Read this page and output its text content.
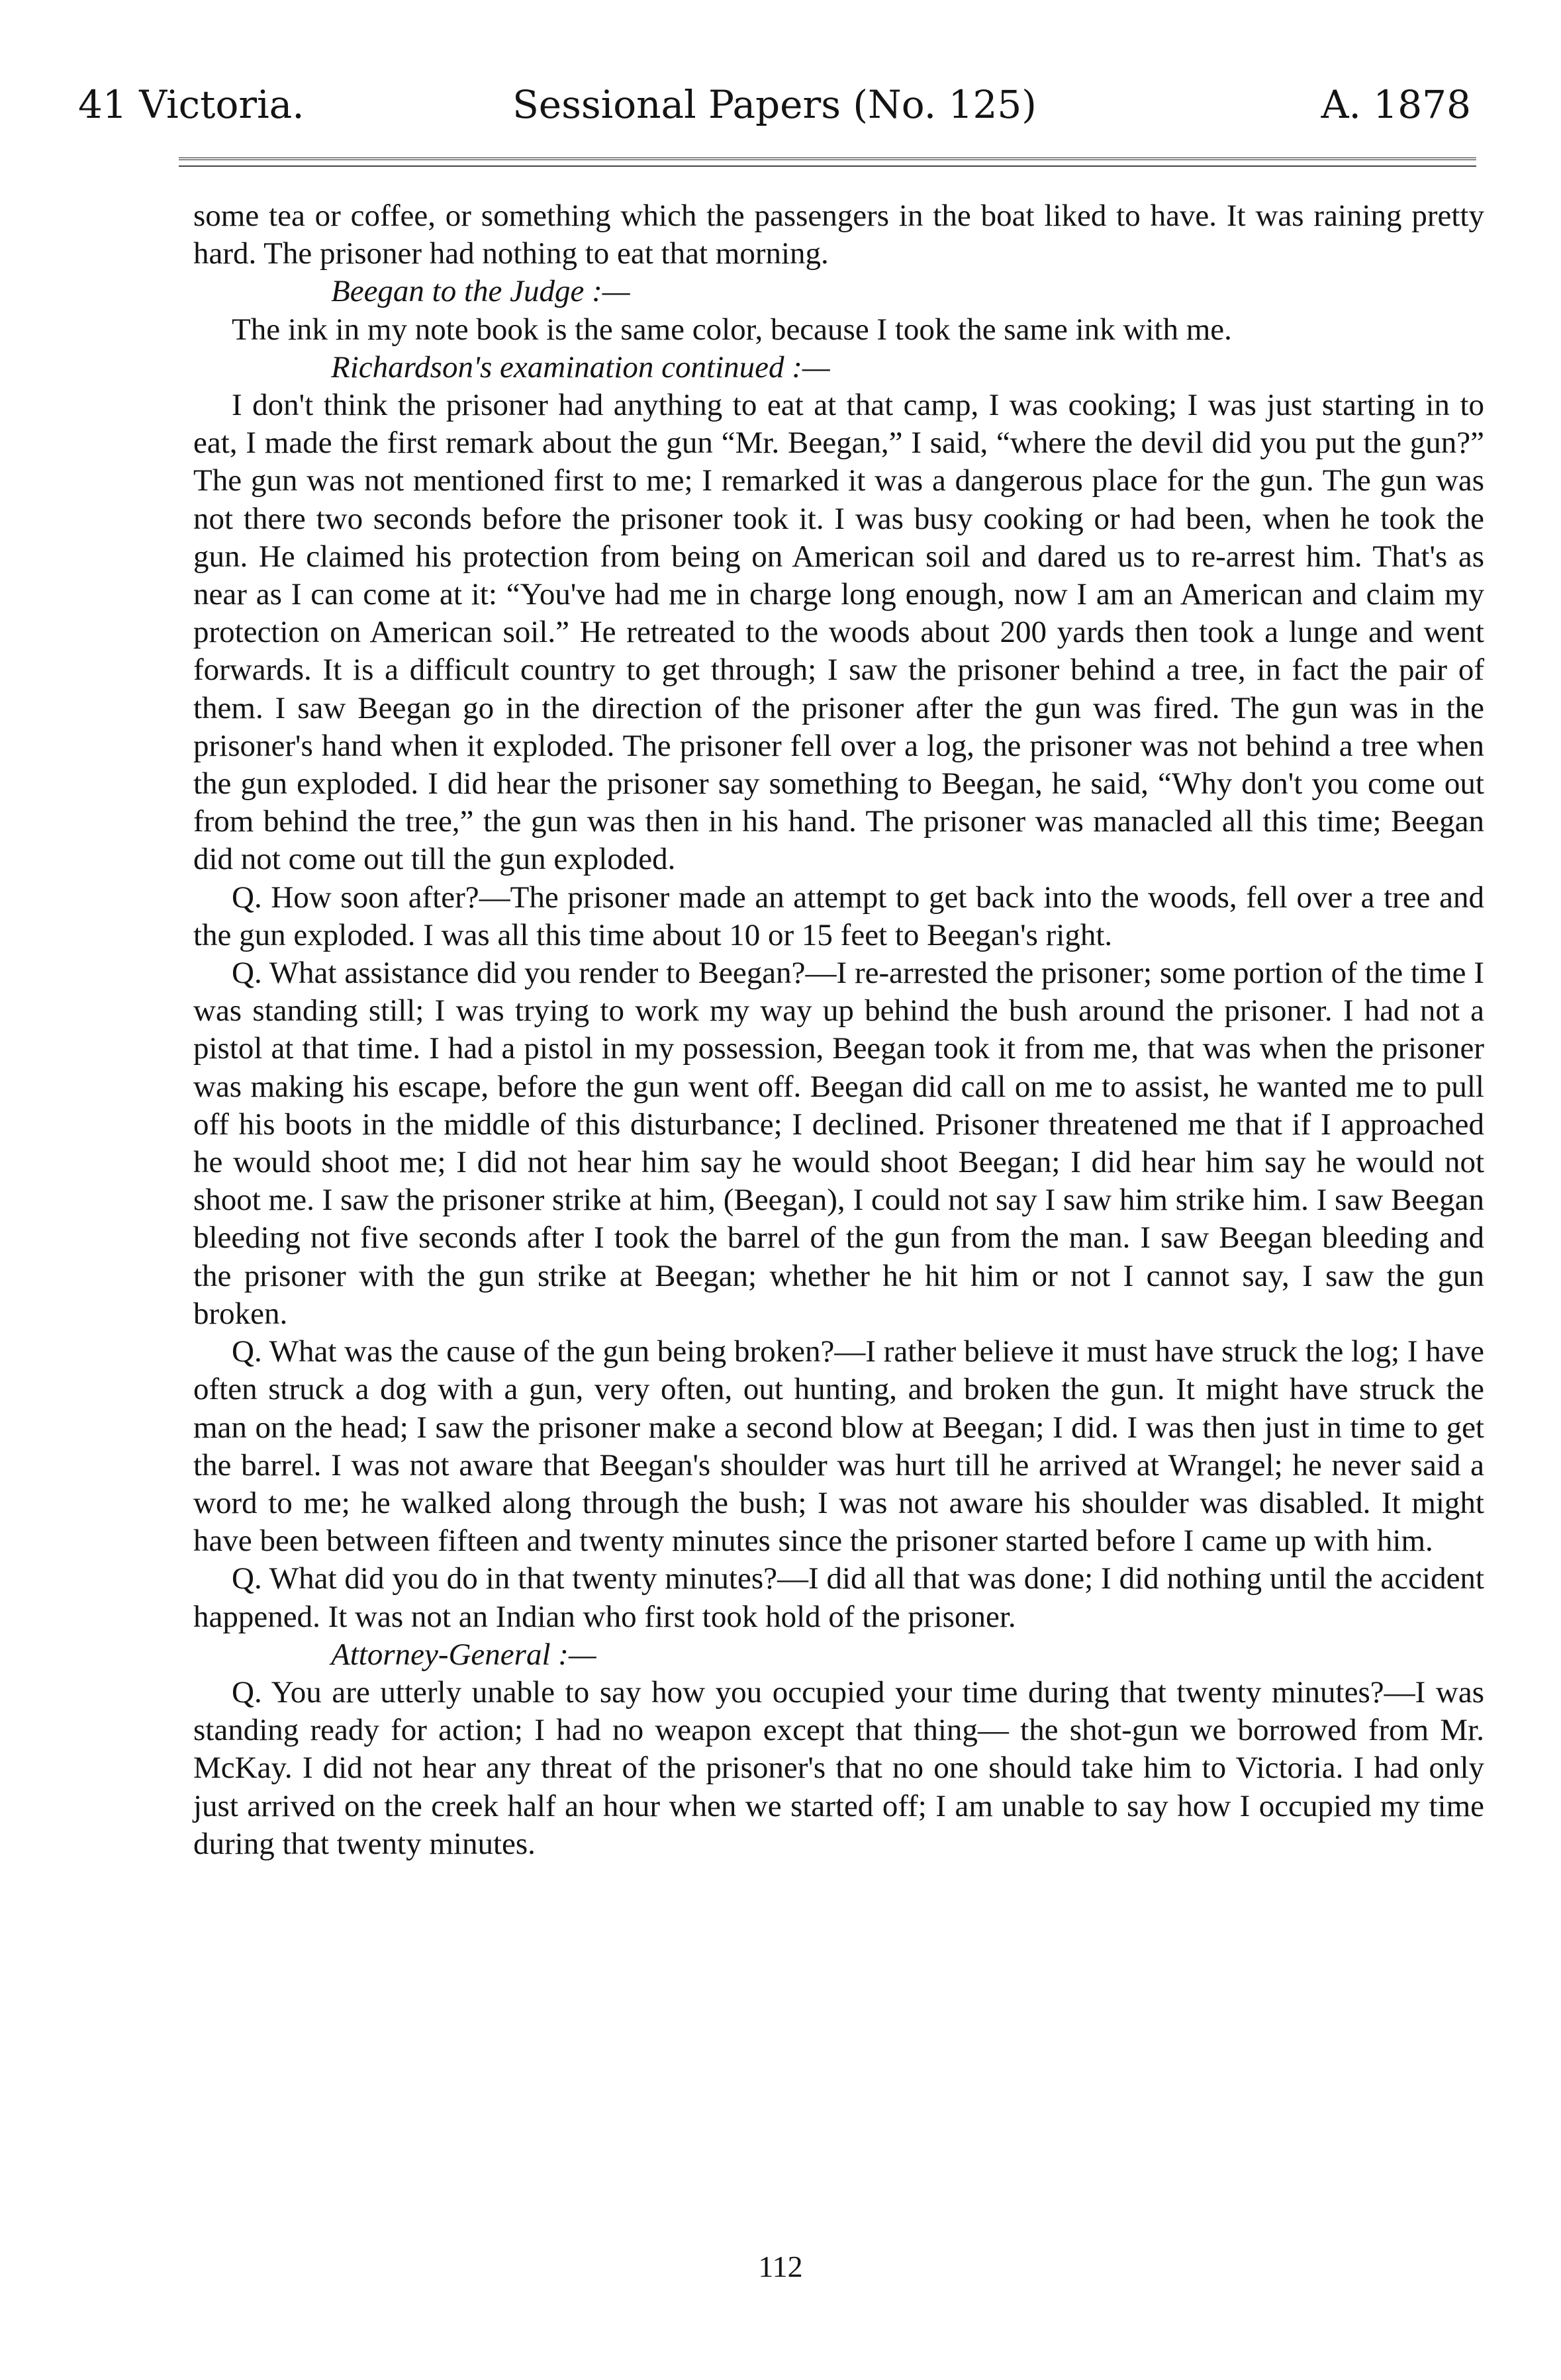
41 Victoria.	Sessional Papers (No. 125)	A. 1878

some tea or coffee, or something which the passengers in the boat liked to have. It was raining pretty hard. The prisoner had nothing to eat that morning.

Beegan to the Judge :—

The ink in my note book is the same color, because I took the same ink with me.

Richardson's examination continued :—

I don't think the prisoner had anything to eat at that camp, I was cooking; I was just starting in to eat, I made the first remark about the gun “Mr. Beegan,” I said, “where the devil did you put the gun?” The gun was not mentioned first to me; I remarked it was a dangerous place for the gun. The gun was not there two seconds before the prisoner took it. I was busy cooking or had been, when he took the gun. He claimed his protection from being on American soil and dared us to re-arrest him. That's as near as I can come at it: “You've had me in charge long enough, now I am an American and claim my protection on American soil.” He retreated to the woods about 200 yards then took a lunge and went forwards. It is a difficult country to get through; I saw the prisoner behind a tree, in fact the pair of them. I saw Beegan go in the direction of the prisoner after the gun was fired. The gun was in the prisoner's hand when it exploded. The prisoner fell over a log, the prisoner was not behind a tree when the gun exploded. I did hear the prisoner say something to Beegan, he said, “Why don't you come out from behind the tree,” the gun was then in his hand. The prisoner was manacled all this time; Beegan did not come out till the gun exploded.

Q. How soon after?—The prisoner made an attempt to get back into the woods, fell over a tree and the gun exploded. I was all this time about 10 or 15 feet to Beegan's right.

Q. What assistance did you render to Beegan?—I re-arrested the prisoner; some portion of the time I was standing still; I was trying to work my way up behind the bush around the prisoner. I had not a pistol at that time. I had a pistol in my possession, Beegan took it from me, that was when the prisoner was making his escape, before the gun went off. Beegan did call on me to assist, he wanted me to pull off his boots in the middle of this disturbance; I declined. Prisoner threatened me that if I approached he would shoot me; I did not hear him say he would shoot Beegan; I did hear him say he would not shoot me. I saw the prisoner strike at him, (Beegan), I could not say I saw him strike him. I saw Beegan bleeding not five seconds after I took the barrel of the gun from the man. I saw Beegan bleeding and the prisoner with the gun strike at Beegan; whether he hit him or not I cannot say, I saw the gun broken.

Q. What was the cause of the gun being broken?—I rather believe it must have struck the log; I have often struck a dog with a gun, very often, out hunting, and broken the gun. It might have struck the man on the head; I saw the prisoner make a second blow at Beegan; I did. I was then just in time to get the barrel. I was not aware that Beegan's shoulder was hurt till he arrived at Wrangel; he never said a word to me; he walked along through the bush; I was not aware his shoulder was disabled. It might have been between fifteen and twenty minutes since the prisoner started before I came up with him.

Q. What did you do in that twenty minutes?—I did all that was done; I did nothing until the accident happened. It was not an Indian who first took hold of the prisoner.

Attorney-General :—

Q. You are utterly unable to say how you occupied your time during that twenty minutes?—I was standing ready for action; I had no weapon except that thing— the shot-gun we borrowed from Mr. McKay. I did not hear any threat of the prisoner's that no one should take him to Victoria. I had only just arrived on the creek half an hour when we started off; I am unable to say how I occupied my time during that twenty minutes.

112
